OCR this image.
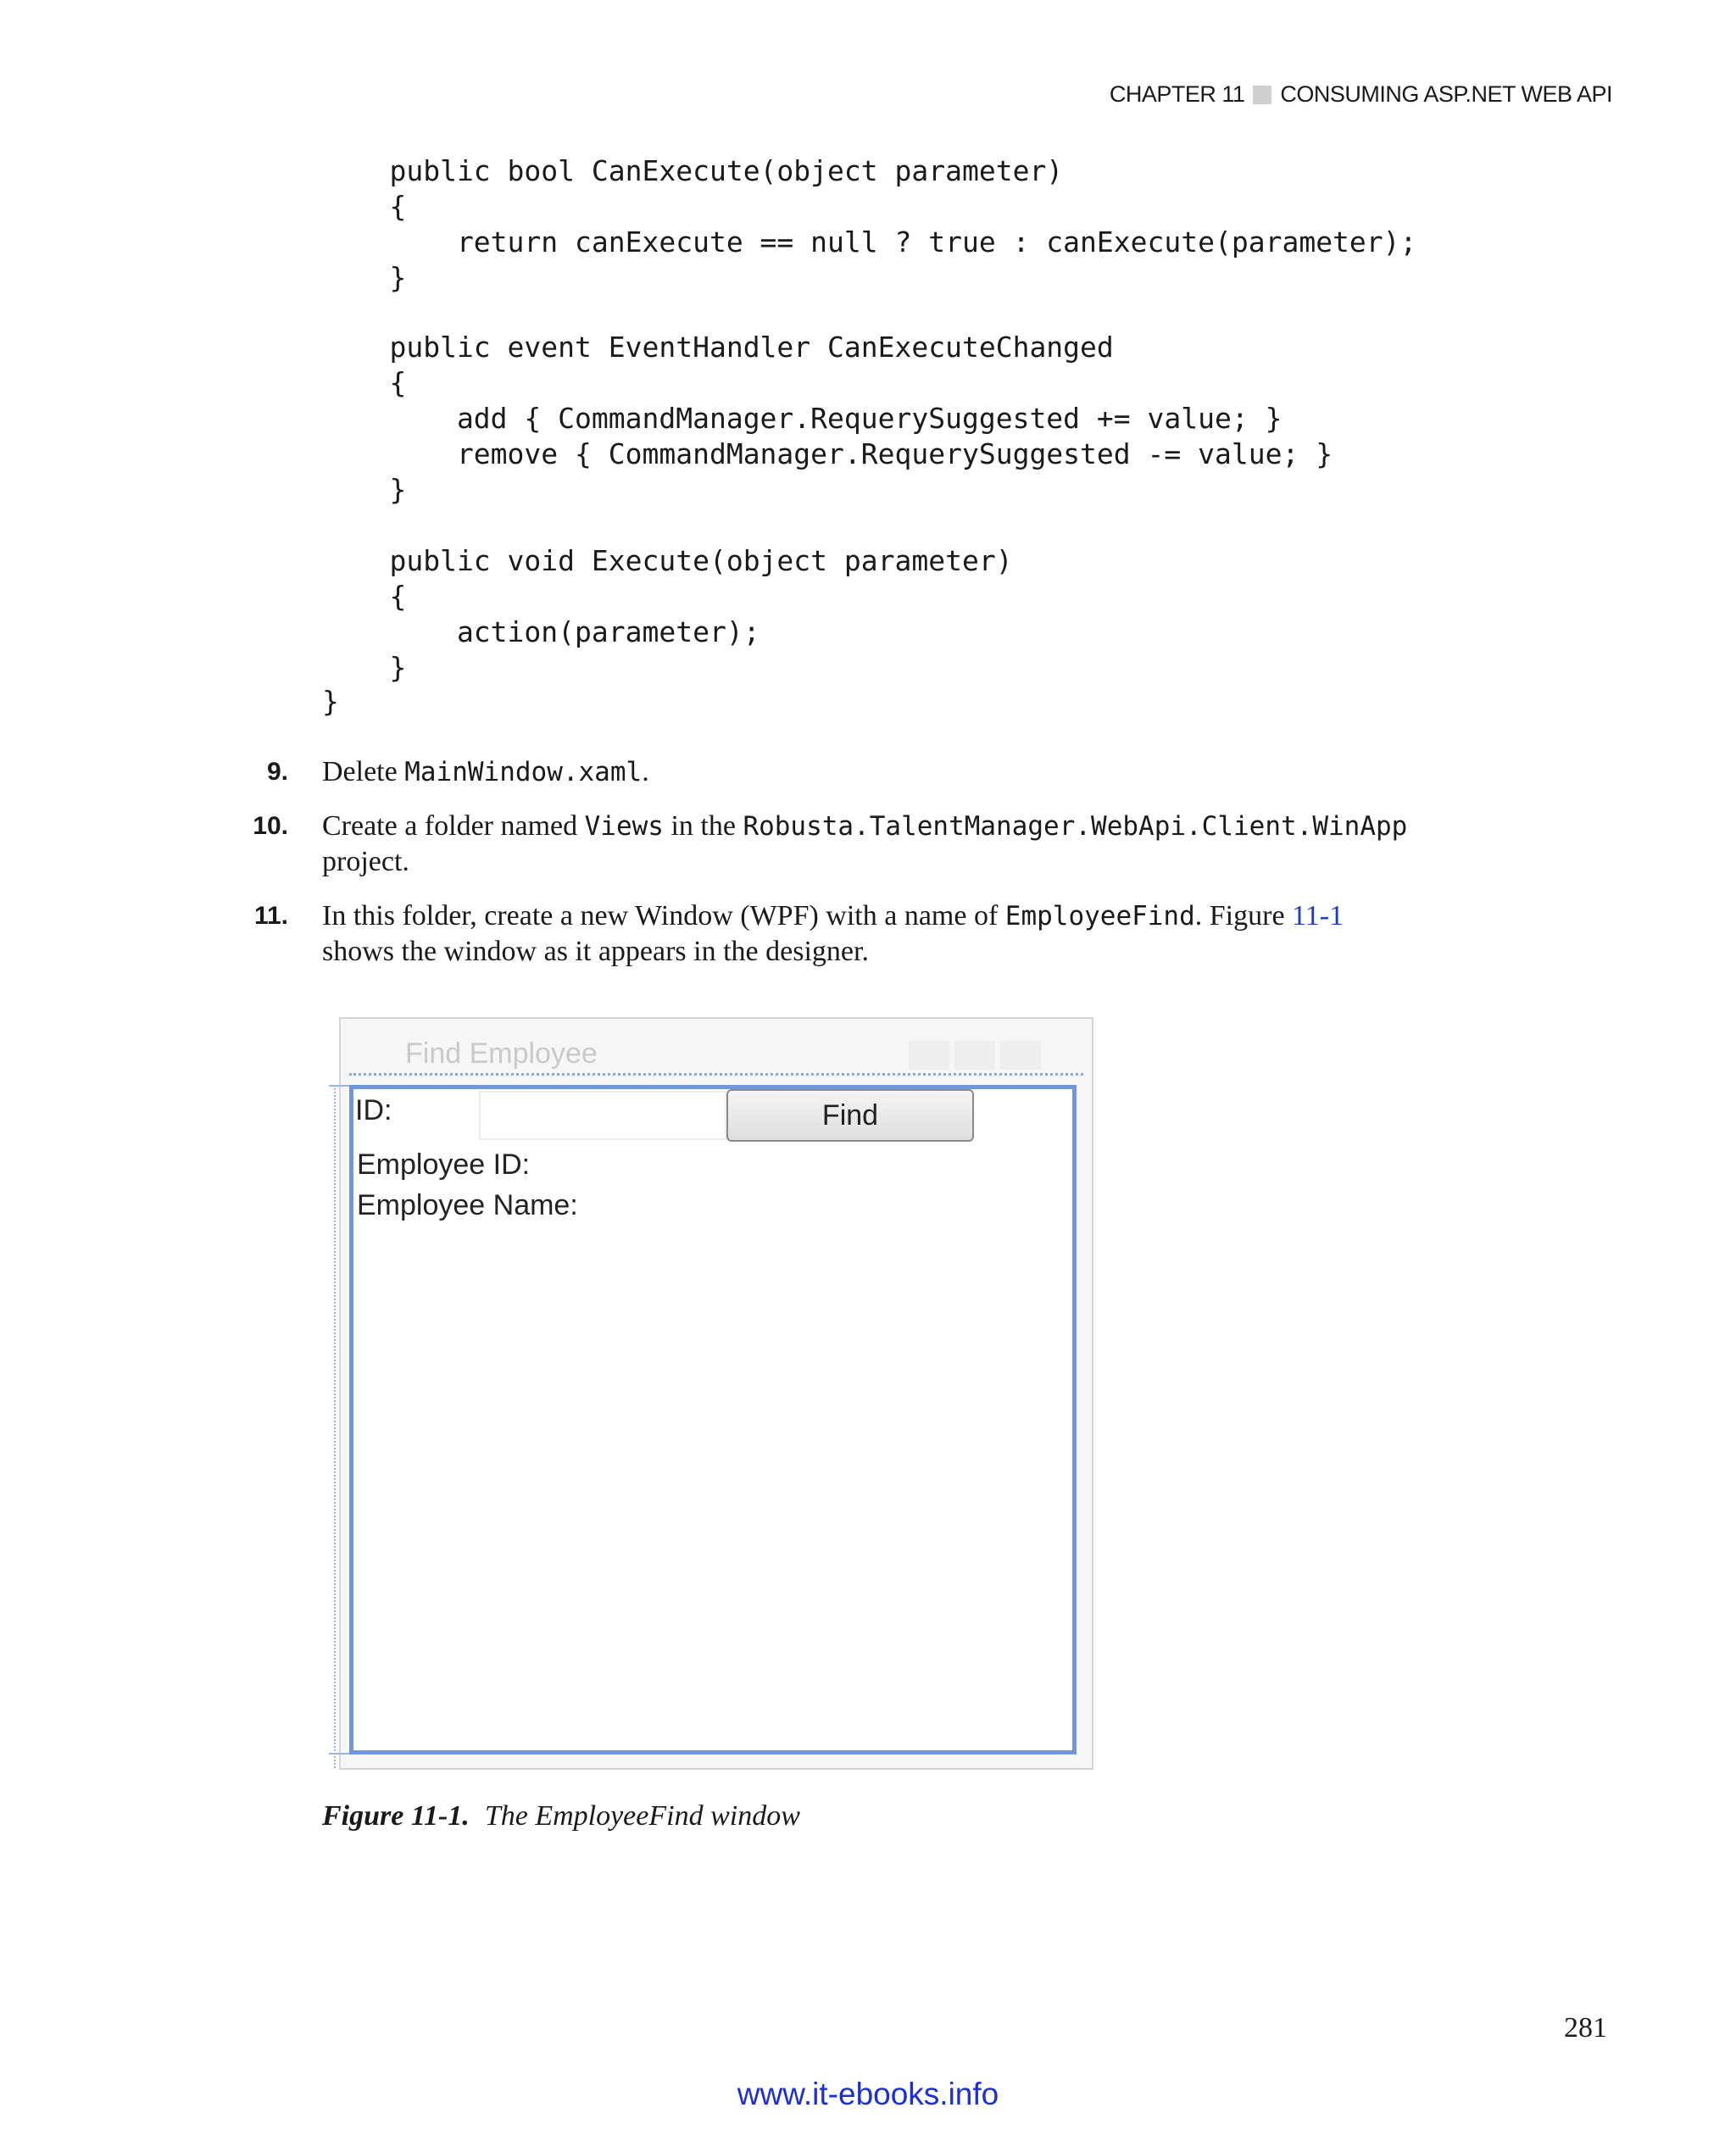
CHAPTER 11 CONSUMING ASP.NET WEB API
public bool CanExecute(object parameter)
{
return canExecute == null ? true : canExecute(parameter);
}
public event EventHandler CanExecuteChanged
{
add { CommandManager.RequerySuggested += value; }
remove { CommandManager.RequerySuggested -= value; }
}
public void Execute(object parameter)
{
action(parameter);
}
}
9. Delete MainWindow.xaml.
10. Create a folder named Views in the Robusta.TalentManager.WebApi.Client.WinApp
project.
11. In this folder, create a new Window (WPF) with a name of EmployeeFind. Figure 11-1
shows the window as it appears in the designer.
Find Employee
ID:	Find
Employee ID:
Employee Name:
Figure 11-1. The EmployeeFind window
281
www.it-ebooks.info
